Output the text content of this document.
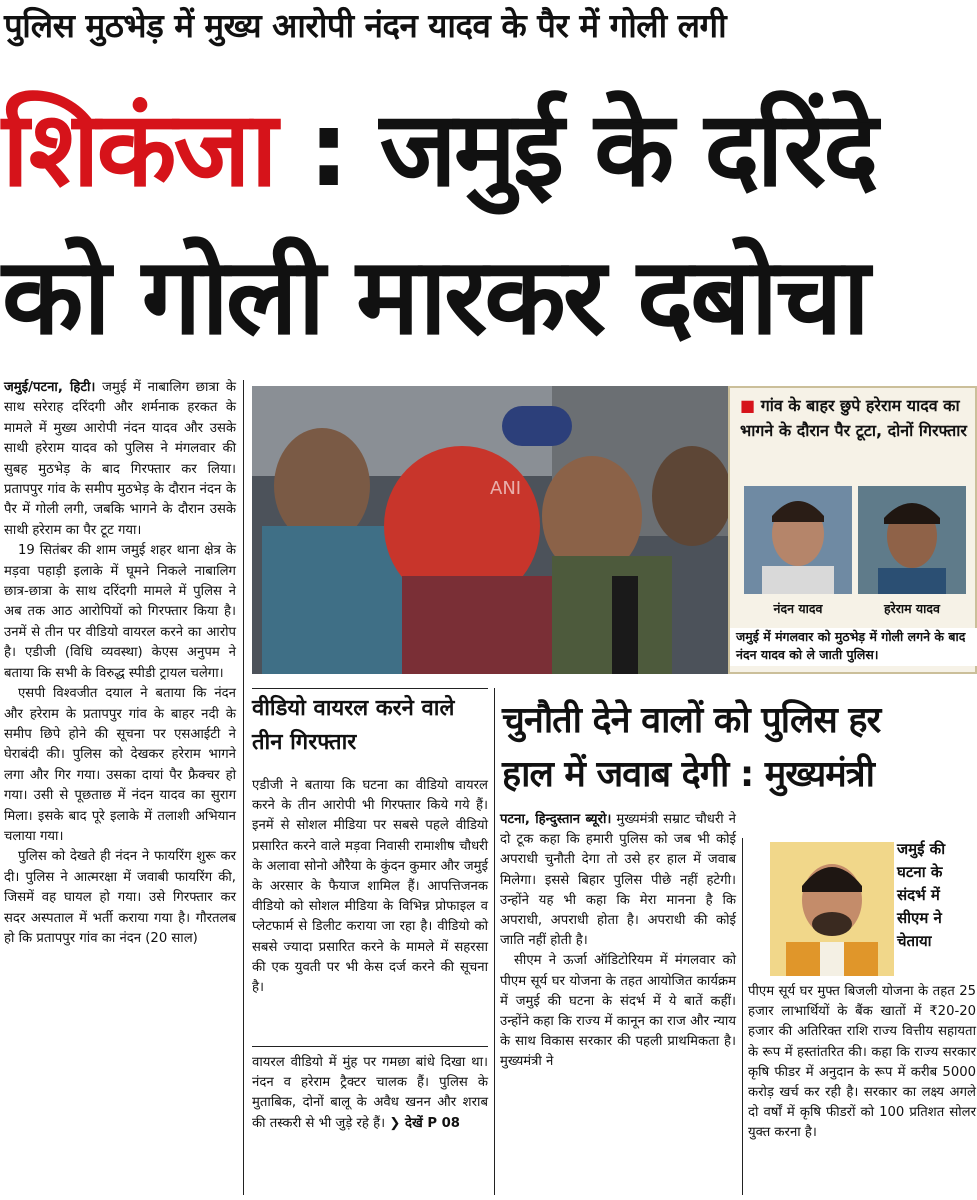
पुलिस मुठभेड़ में मुख्य आरोपी नंदन यादव के पैर में गोली लगी
शिकंजा : जमुई के दरिंदे
को गोली मारकर दबोचा

जमुई/पटना, हिटी। जमुई में नाबालिग छात्रा के साथ सरेराह दरिंदगी और शर्मनाक हरकत के मामले में मुख्य आरोपी नंदन यादव और उसके साथी हरेराम यादव को पुलिस ने मंगलवार की सुबह मुठभेड़ के बाद गिरफ्तार कर लिया। प्रतापपुर गांव के समीप मुठभेड़ के दौरान नंदन के पैर में गोली लगी, जबकि भागने के दौरान उसके साथी हरेराम का पैर टूट गया।

19 सितंबर की शाम जमुई शहर थाना क्षेत्र के मड़वा पहाड़ी इलाके में घूमने निकले नाबालिग छात्र-छात्रा के साथ दरिंदगी मामले में पुलिस ने अब तक आठ आरोपियों को गिरफ्तार किया है। उनमें से तीन पर वीडियो वायरल करने का आरोप है। एडीजी (विधि व्यवस्था) केएस अनुपम ने बताया कि सभी के विरुद्ध स्पीडी ट्रायल चलेगा।

एसपी विश्वजीत दयाल ने बताया कि नंदन और हरेराम के प्रतापपुर गांव के बाहर नदी के समीप छिपे होने की सूचना पर एसआईटी ने घेराबंदी की। पुलिस को देखकर हरेराम भागने लगा और गिर गया। उसका दायां पैर फ्रैक्चर हो गया। उसी से पूछताछ में नंदन यादव का सुराग मिला। इसके बाद पूरे इलाके में तलाशी अभियान चलाया गया।

पुलिस को देखते ही नंदन ने फायरिंग शुरू कर दी। पुलिस ने आत्मरक्षा में जवाबी फायरिंग की, जिसमें वह घायल हो गया। उसे गिरफ्तार कर सदर अस्पताल में भर्ती कराया गया है। गौरतलब हो कि प्रतापपुर गांव का नंदन (20 साल)

ANI
■ गांव के बाहर छुपे हरेराम यादव का भागने के दौरान पैर टूटा, दोनों गिरफ्तार
नंदन यादव	हरेराम यादव
जमुई में मंगलवार को मुठभेड़ में गोली लगने के बाद नंदन यादव को ले जाती पुलिस।
वीडियो वायरल करने वाले तीन गिरफ्तार
एडीजी ने बताया कि घटना का वीडियो वायरल करने के तीन आरोपी भी गिरफ्तार किये गये हैं। इनमें से सोशल मीडिया पर सबसे पहले वीडियो प्रसारित करने वाले मड़वा निवासी रामाशीष चौधरी के अलावा सोनो औरैया के कुंदन कुमार और जमुई के अरसार के फैयाज शामिल हैं। आपत्तिजनक वीडियो को सोशल मीडिया के विभिन्न प्रोफाइल व प्लेटफार्म से डिलीट कराया जा रहा है। वीडियो को सबसे ज्यादा प्रसारित करने के मामले में सहरसा की एक युवती पर भी केस दर्ज करने की सूचना है।
वायरल वीडियो में मुंह पर गमछा बांधे दिखा था। नंदन व हरेराम ट्रैक्टर चालक हैं। पुलिस के मुताबिक, दोनों बालू के अवैध खनन और शराब की तस्करी से भी जुड़े रहे हैं। ❯ देखें P 08
चुनौती देने वालों को पुलिस हर
हाल में जवाब देगी : मुख्यमंत्री

पटना, हिन्दुस्तान ब्यूरो। मुख्यमंत्री सम्राट चौधरी ने दो टूक कहा कि हमारी पुलिस को जब भी कोई अपराधी चुनौती देगा तो उसे हर हाल में जवाब मिलेगा। इससे बिहार पुलिस पीछे नहीं हटेगी। उन्होंने यह भी कहा कि मेरा मानना है कि अपराधी, अपराधी होता है। अपराधी की कोई जाति नहीं होती है।

सीएम ने ऊर्जा ऑडिटोरियम में मंगलवार को पीएम सूर्य घर योजना के तहत आयोजित कार्यक्रम में जमुई की घटना के संदर्भ में ये बातें कहीं। उन्होंने कहा कि राज्य में कानून का राज और न्याय के साथ विकास सरकार की पहली प्राथमिकता है। मुख्यमंत्री ने

जमुई की घटना के संदर्भ में सीएम ने चेताया
पीएम सूर्य घर मुफ्त बिजली योजना के तहत 25 हजार लाभार्थियों के बैंक खातों में ₹20-20 हजार की अतिरिक्त राशि राज्य वित्तीय सहायता के रूप में हस्तांतरित की। कहा कि राज्य सरकार कृषि फीडर में अनुदान के रूप में करीब 5000 करोड़ खर्च कर रही है। सरकार का लक्ष्य अगले दो वर्षों में कृषि फीडरों को 100 प्रतिशत सोलर युक्त करना है।
